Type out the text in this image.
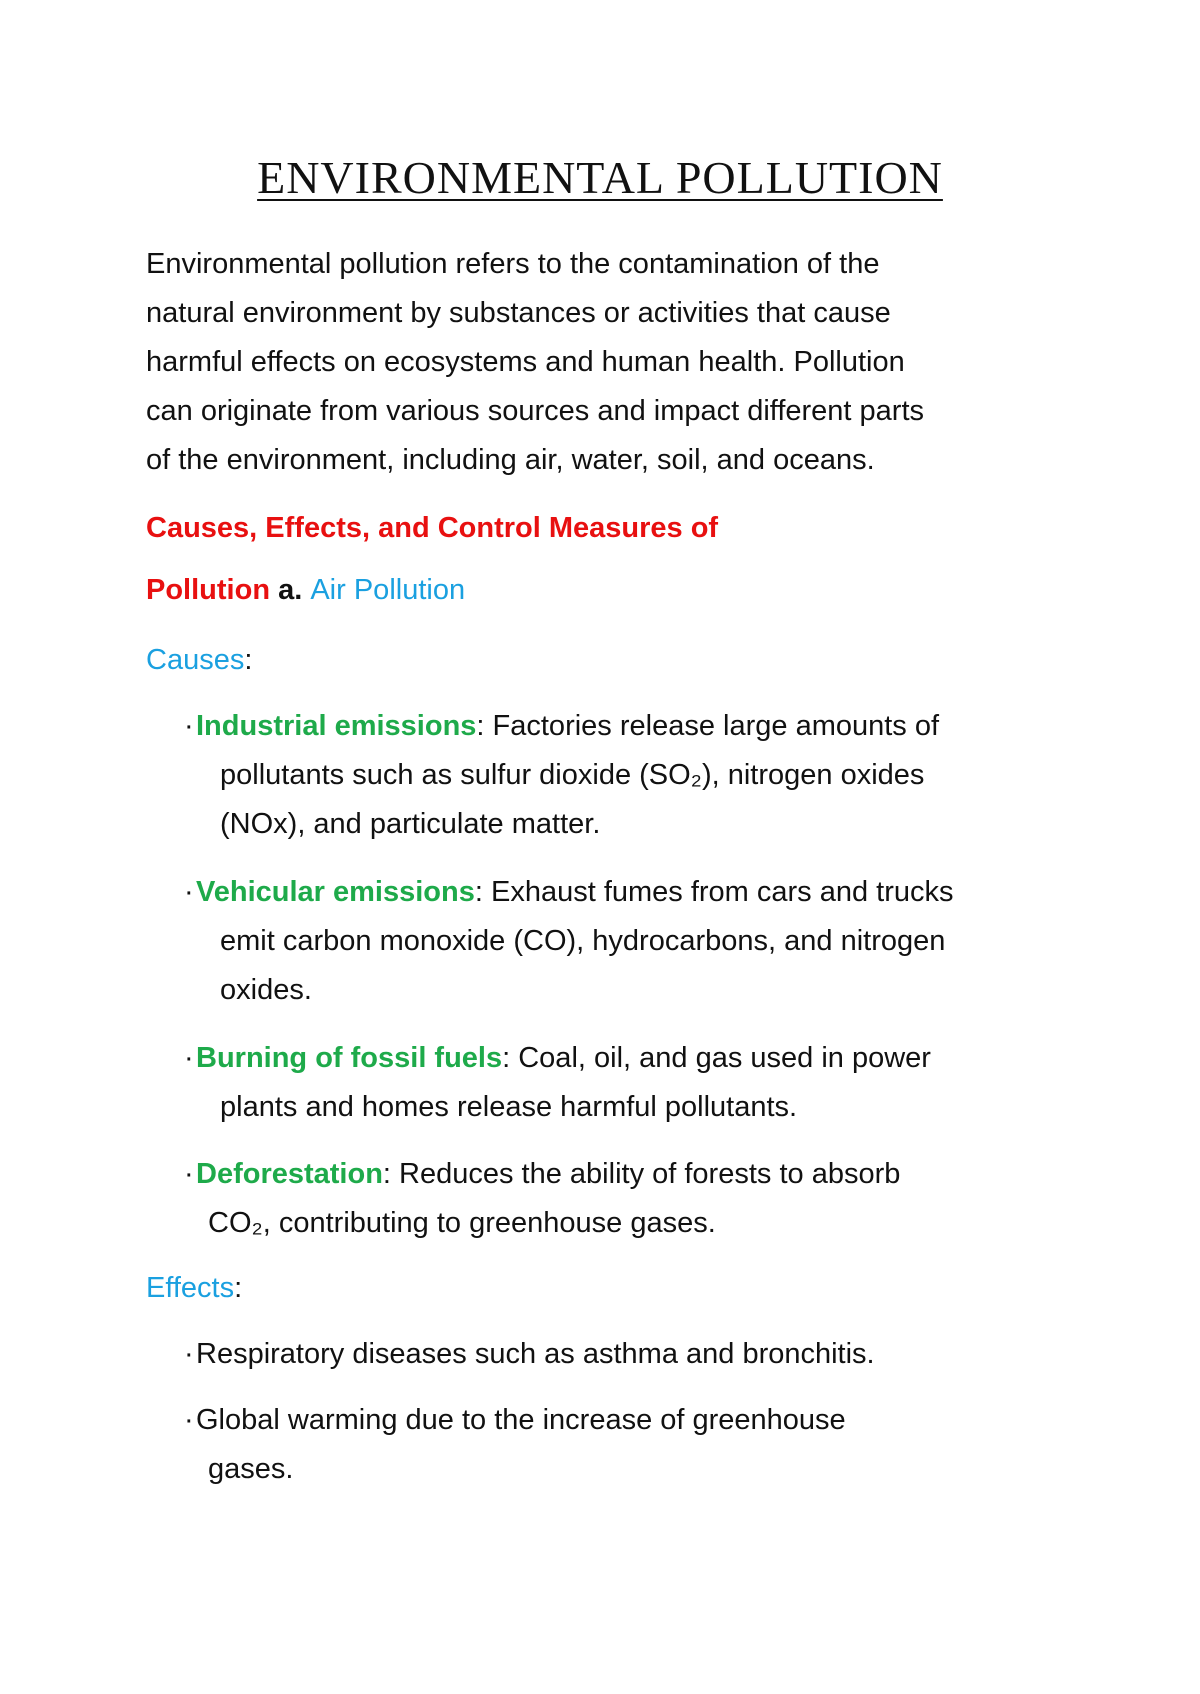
ENVIRONMENTAL POLLUTION
Environmental pollution refers to the contamination of the
natural environment by substances or activities that cause
harmful effects on ecosystems and human health. Pollution
can originate from various sources and impact different parts
of the environment, including air, water, soil, and oceans.
Causes, Effects, and Control Measures of
Pollution a. Air Pollution
Causes:
· Industrial emissions: Factories release large amounts of
pollutants such as sulfur dioxide (SO₂), nitrogen oxides
(NOx), and particulate matter.
· Vehicular emissions: Exhaust fumes from cars and trucks
emit carbon monoxide (CO), hydrocarbons, and nitrogen
oxides.
· Burning of fossil fuels: Coal, oil, and gas used in power
plants and homes release harmful pollutants.
· Deforestation: Reduces the ability of forests to absorb
CO₂, contributing to greenhouse gases.
Effects:
· Respiratory diseases such as asthma and bronchitis.
· Global warming due to the increase of greenhouse
gases.
